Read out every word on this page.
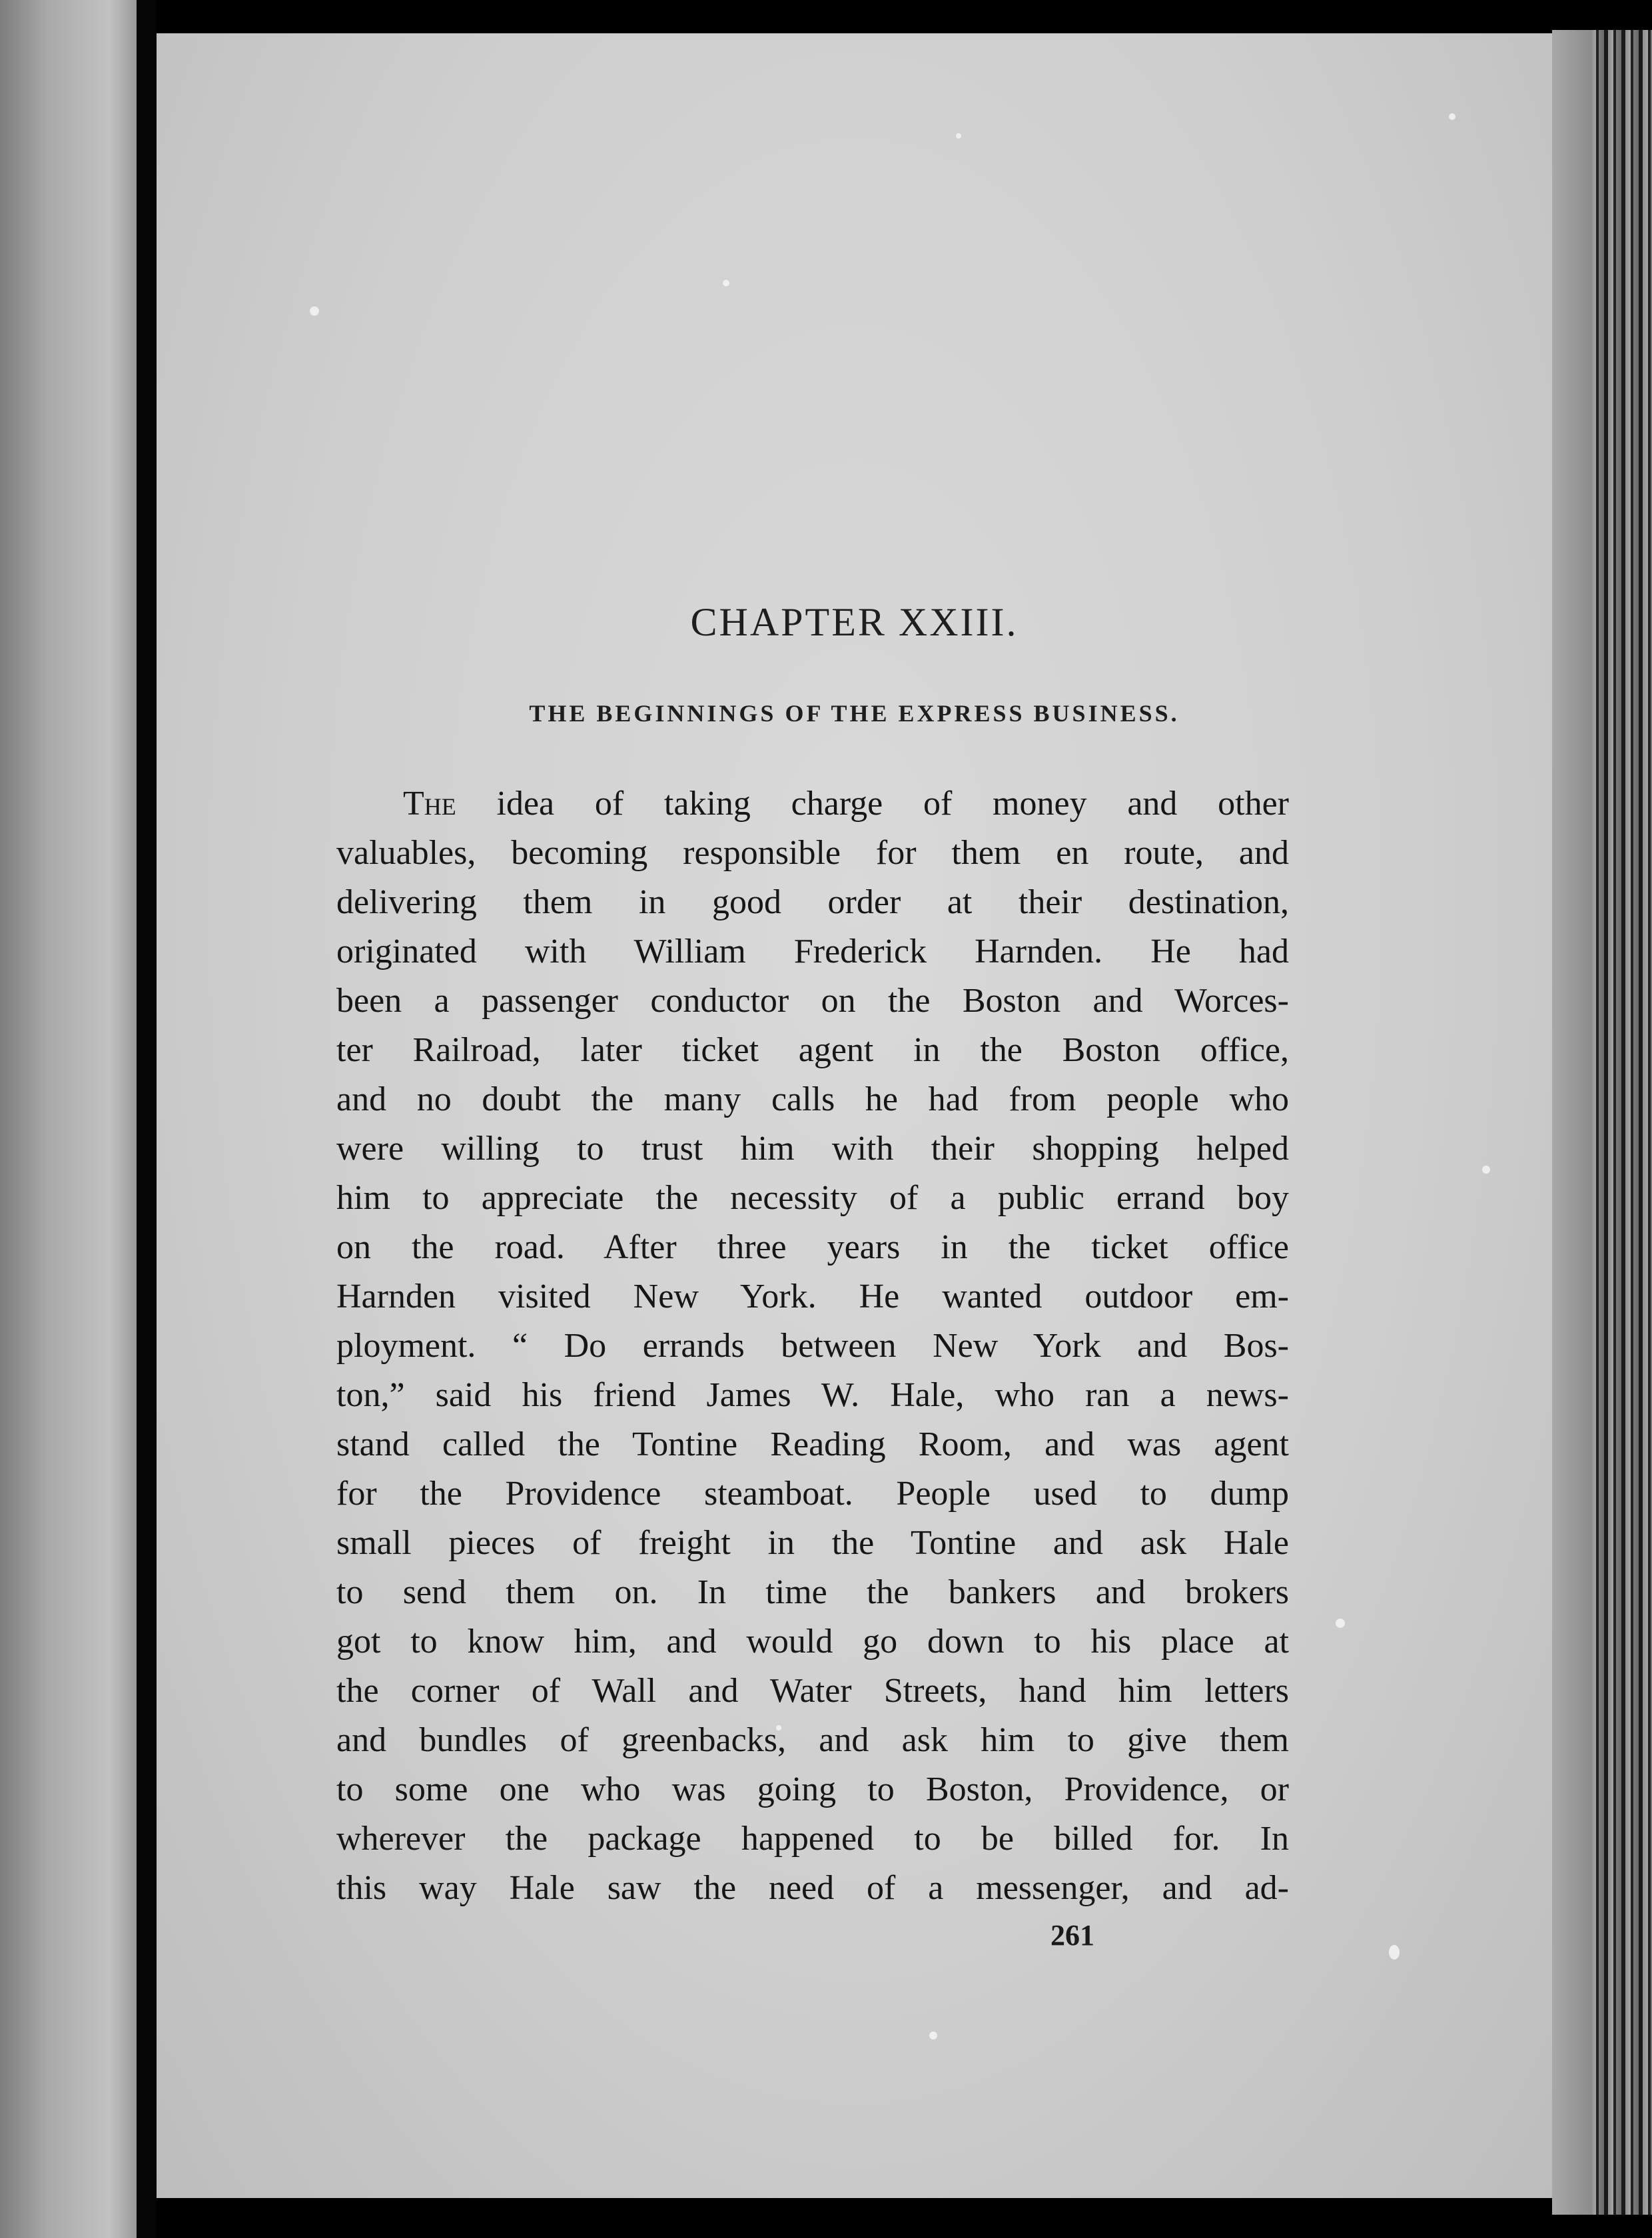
CHAPTER XXIII.
THE BEGINNINGS OF THE EXPRESS BUSINESS.
The idea of taking charge of money and other
valuables, becoming responsible for them en route, and
delivering them in good order at their destination,
originated with William Frederick Harnden. He had
been a passenger conductor on the Boston and Worces-
ter Railroad, later ticket agent in the Boston office,
and no doubt the many calls he had from people who
were willing to trust him with their shopping helped
him to appreciate the necessity of a public errand boy
on the road. After three years in the ticket office
Harnden visited New York. He wanted outdoor em-
ployment. “ Do errands between New York and Bos-
ton,” said his friend James W. Hale, who ran a news-
stand called the Tontine Reading Room, and was agent
for the Providence steamboat. People used to dump
small pieces of freight in the Tontine and ask Hale
to send them on. In time the bankers and brokers
got to know him, and would go down to his place at
the corner of Wall and Water Streets, hand him letters
and bundles of greenbacks, and ask him to give them
to some one who was going to Boston, Providence, or
wherever the package happened to be billed for. In
this way Hale saw the need of a messenger, and ad-

261
